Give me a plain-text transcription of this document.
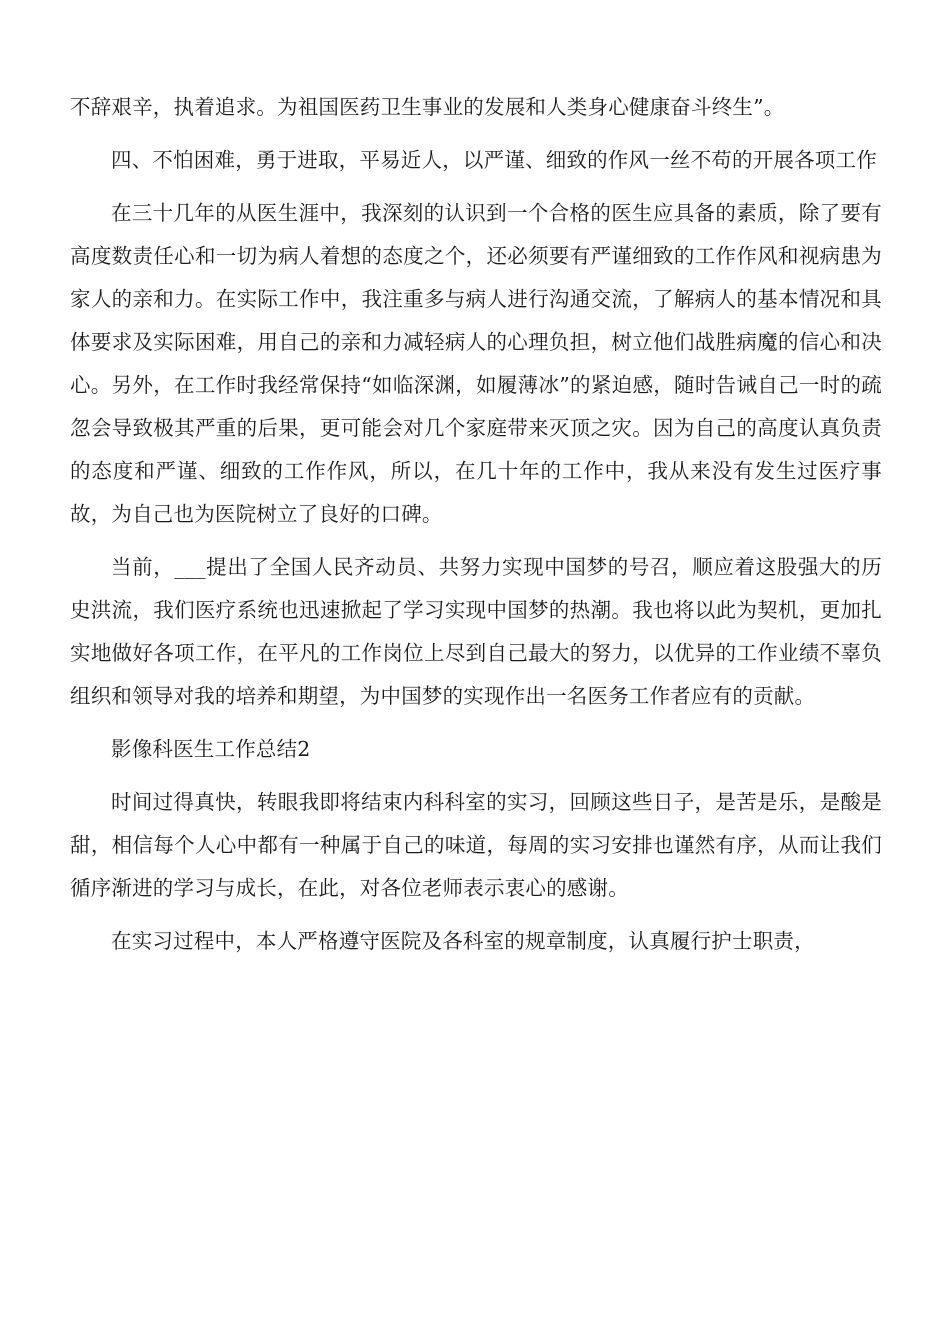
不辞艰辛，执着追求。为祖国医药卫生事业的发展和人类身心健康奋斗终生”。

四、不怕困难，勇于进取，平易近人，以严谨、细致的作风一丝不苟的开展各项工作

在三十几年的从医生涯中，我深刻的认识到一个合格的医生应具备的素质，除了要有高度数责任心和一切为病人着想的态度之个，还必须要有严谨细致的工作作风和视病患为家人的亲和力。在实际工作中，我注重多与病人进行沟通交流，了解病人的基本情况和具体要求及实际困难，用自己的亲和力减轻病人的心理负担，树立他们战胜病魔的信心和决心。另外，在工作时我经常保持“如临深渊，如履薄冰”的紧迫感，随时告诫自己一时的疏忽会导致极其严重的后果，更可能会对几个家庭带来灭顶之灾。因为自己的高度认真负责的态度和严谨、细致的工作作风，所以，在几十年的工作中，我从来没有发生过医疗事故，为自己也为医院树立了良好的口碑。

当前，___提出了全国人民齐动员、共努力实现中国梦的号召，顺应着这股强大的历史洪流，我们医疗系统也迅速掀起了学习实现中国梦的热潮。我也将以此为契机，更加扎实地做好各项工作，在平凡的工作岗位上尽到自己最大的努力，以优异的工作业绩不辜负组织和领导对我的培养和期望，为中国梦的实现作出一名医务工作者应有的贡献。

影像科医生工作总结2

时间过得真快，转眼我即将结束内科科室的实习，回顾这些日子，是苦是乐，是酸是甜，相信每个人心中都有一种属于自己的味道，每周的实习安排也谨然有序，从而让我们循序渐进的学习与成长，在此，对各位老师表示衷心的感谢。

在实习过程中，本人严格遵守医院及各科室的规章制度，认真履行护士职责，
